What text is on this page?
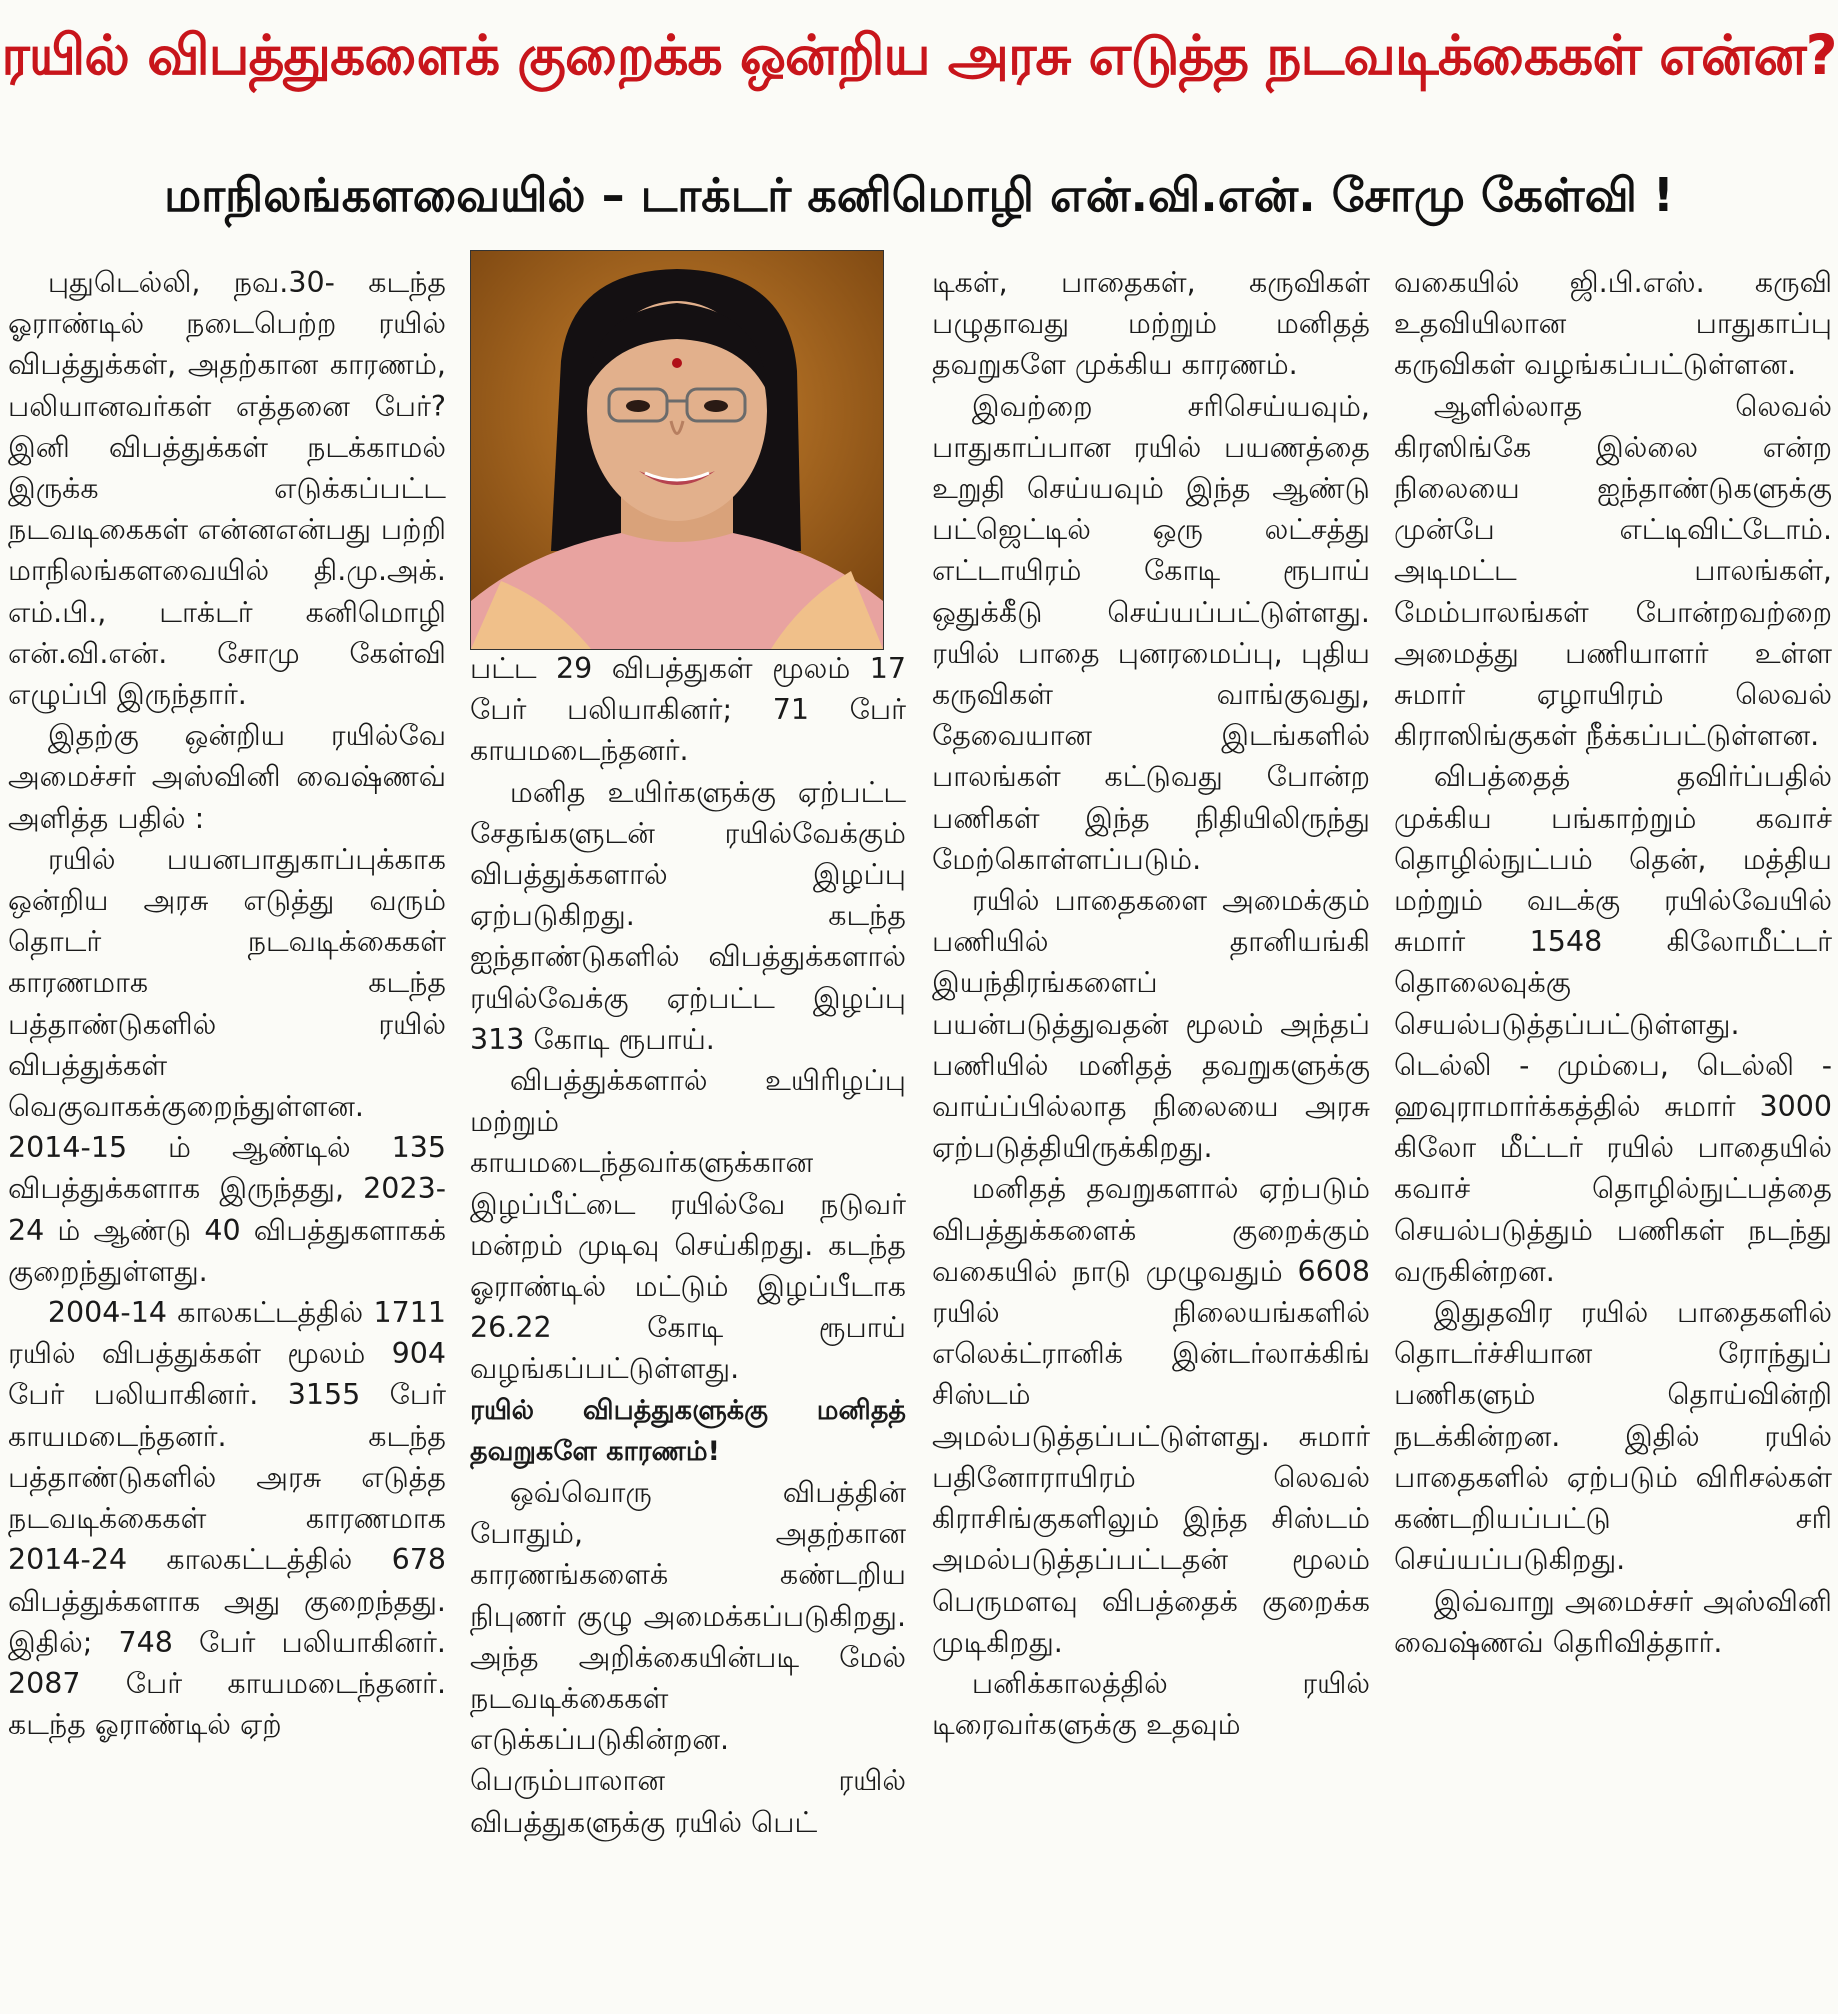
ரயில் விபத்துகளைக் குறைக்க ஒன்றிய அரசு எடுத்த நடவடிக்கைகள் என்ன?
மாநிலங்களவையில் – டாக்டர் கனிமொழி என்.வி.என். சோமு கேள்வி !

புதுடெல்லி, நவ.30- கடந்த ஓராண்டில் நடைபெற்ற ரயில் விபத்துக்கள், அதற்கான காரணம், பலியானவர்கள் எத்தனை பேர்? இனி விபத்துக்கள் நடக்காமல் இருக்க எடுக்கப்பட்ட நடவடிகைகள் என்னஎன்பது பற்றி மாநிலங்களவையில் தி.மு.அக். எம்.பி., டாக்டர் கனிமொழி என்.வி.என். சோமு கேள்வி எழுப்பி இருந்தார்.

இதற்கு ஒன்றிய ரயில்வே அமைச்சர் அஸ்வினி வைஷ்ணவ் அளித்த பதில் :

ரயில் பயனபாதுகாப்புக்காக ஒன்றிய அரசு எடுத்து வரும் தொடர் நடவடிக்கைகள் காரணமாக கடந்த பத்தாண்டுகளில் ரயில் விபத்துக்கள் வெகுவாகக்குறைந்துள்ளன. 2014-15 ம் ஆண்டில் 135 விபத்துக்களாக இருந்தது, 2023-24 ம் ஆண்டு 40 விபத்துகளாகக் குறைந்துள்ளது.

2004-14 காலகட்டத்தில் 1711 ரயில் விபத்துக்கள் மூலம் 904 பேர் பலியாகினர். 3155 பேர் காயமடைந்தனர். கடந்த பத்தாண்டுகளில் அரசு எடுத்த நடவடிக்கைகள் காரணமாக 2014-24 காலகட்டத்தில் 678 விபத்துக்களாக அது குறைந்தது. இதில்; 748 பேர் பலியாகினர். 2087 பேர் காயமடைந்தனர். கடந்த ஓராண்டில் ஏற்

பட்ட 29 விபத்துகள் மூலம் 17 பேர் பலியாகினர்; 71 பேர் காயமடைந்தனர்.

மனித உயிர்களுக்கு ஏற்பட்ட சேதங்களுடன் ரயில்வேக்கும் விபத்துக்களால் இழப்பு ஏற்படுகிறது. கடந்த ஐந்தாண்டுகளில் விபத்துக்களால் ரயில்வேக்கு ஏற்பட்ட இழப்பு 313 கோடி ரூபாய்.

விபத்துக்களால் உயிரிழப்பு மற்றும் காயமடைந்தவர்களுக்கான இழப்பீட்டை ரயில்வே நடுவர் மன்றம் முடிவு செய்கிறது. கடந்த ஓராண்டில் மட்டும் இழப்பீடாக 26.22 கோடி ரூபாய் வழங்கப்பட்டுள்ளது.

ரயில் விபத்துகளுக்கு மனிதத் தவறுகளே காரணம்!

ஒவ்வொரு விபத்தின் போதும், அதற்கான காரணங்களைக் கண்டறிய நிபுணர் குழு அமைக்கப்படுகிறது. அந்த அறிக்கையின்படி மேல் நடவடிக்கைகள் எடுக்கப்படுகின்றன. பெரும்பாலான ரயில் விபத்துகளுக்கு ரயில் பெட்

டிகள், பாதைகள், கருவிகள் பழுதாவது மற்றும் மனிதத் தவறுகளே முக்கிய காரணம்.

இவற்றை சரிசெய்யவும், பாதுகாப்பான ரயில் பயணத்தை உறுதி செய்யவும் இந்த ஆண்டு பட்ஜெட்டில் ஒரு லட்சத்து எட்டாயிரம் கோடி ரூபாய் ஒதுக்கீடு செய்யப்பட்டுள்ளது. ரயில் பாதை புனரமைப்பு, புதிய கருவிகள் வாங்குவது, தேவையான இடங்களில் பாலங்கள் கட்டுவது போன்ற பணிகள் இந்த நிதியிலிருந்து மேற்கொள்ளப்படும்.

ரயில் பாதைகளை அமைக்கும் பணியில் தானியங்கி இயந்திரங்களைப் பயன்படுத்துவதன் மூலம் அந்தப் பணியில் மனிதத் தவறுகளுக்கு வாய்ப்பில்லாத நிலையை அரசு ஏற்படுத்தியிருக்கிறது.

மனிதத் தவறுகளால் ஏற்படும் விபத்துக்களைக் குறைக்கும் வகையில் நாடு முழுவதும் 6608 ரயில் நிலையங்களில் எலெக்ட்ரானிக் இன்டர்லாக்கிங் சிஸ்டம் அமல்படுத்தப்பட்டுள்ளது. சுமார் பதினோராயிரம் லெவல் கிராசிங்குகளிலும் இந்த சிஸ்டம் அமல்படுத்தப்பட்டதன் மூலம் பெருமளவு விபத்தைக் குறைக்க முடிகிறது.

பனிக்காலத்தில் ரயில் டிரைவர்களுக்கு உதவும்

வகையில் ஜி.பி.எஸ். கருவி உதவியிலான பாதுகாப்பு கருவிகள் வழங்கப்பட்டுள்ளன.

ஆளில்லாத லெவல் கிரஸிங்கே இல்லை என்ற நிலையை ஐந்தாண்டுகளுக்கு முன்பே எட்டிவிட்டோம். அடிமட்ட பாலங்கள், மேம்பாலங்கள் போன்றவற்றை அமைத்து பணியாளர் உள்ள சுமார் ஏழாயிரம் லெவல் கிராஸிங்குகள் நீக்கப்பட்டுள்ளன.

விபத்தைத் தவிர்ப்பதில் முக்கிய பங்காற்றும் கவாச் தொழில்நுட்பம் தென், மத்திய மற்றும் வடக்கு ரயில்வேயில் சுமார் 1548 கிலோமீட்டர் தொலைவுக்கு செயல்படுத்தப்பட்டுள்ளது. டெல்லி - மும்பை, டெல்லி - ஹவுராமார்க்கத்தில் சுமார் 3000 கிலோ மீட்டர் ரயில் பாதையில் கவாச் தொழில்நுட்பத்தை செயல்படுத்தும் பணிகள் நடந்து வருகின்றன.

இதுதவிர ரயில் பாதைகளில் தொடர்ச்சியான ரோந்துப் பணிகளும் தொய்வின்றி நடக்கின்றன. இதில் ரயில் பாதைகளில் ஏற்படும் விரிசல்கள் கண்டறியப்பட்டு சரி செய்யப்படுகிறது.

இவ்வாறு அமைச்சர் அஸ்வினி வைஷ்ணவ் தெரிவித்தார்.
